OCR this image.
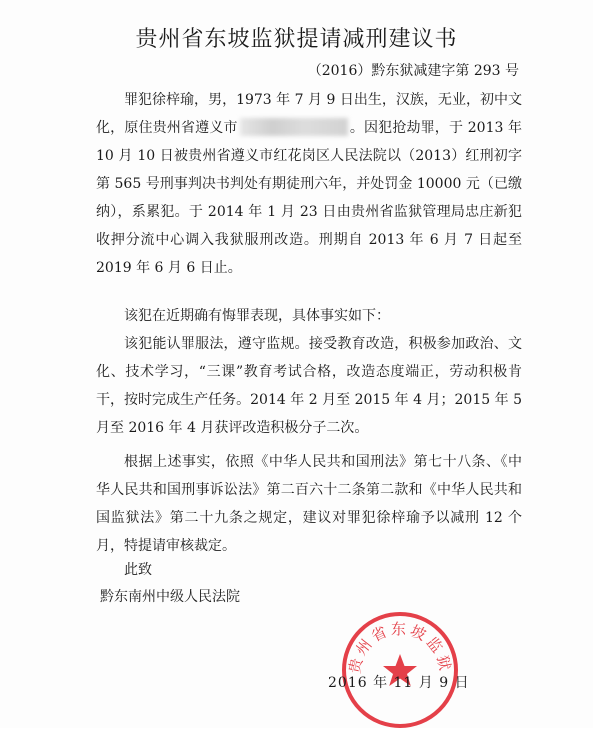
贵州省东坡监狱提请减刑建议书
（2016）黔东狱减建字第 293 号

罪犯徐梓瑜，男，1973 年 7 月 9 日出生，汉族，无业，初中文化，原住贵州省遵义市	。因犯抢劫罪，于 2013 年 10 月 10 日被贵州省遵义市红花岗区人民法院以（2013）红刑初字第 565 号刑事判决书判处有期徒刑六年，并处罚金 10000 元（已缴纳），系累犯。于 2014 年 1 月 23 日由贵州省监狱管理局忠庄新犯收押分流中心调入我狱服刑改造。刑期自 2013 年 6 月 7 日起至 2019 年 6 月 6 日止。

该犯在近期确有悔罪表现，具体事实如下：

该犯能认罪服法，遵守监规。接受教育改造，积极参加政治、文化、技术学习，“三课”教育考试合格，改造态度端正，劳动积极肯干，按时完成生产任务。2014 年 2 月至 2015 年 4 月；2015 年 5 月至 2016 年 4 月获评改造积极分子二次。

根据上述事实，依照《中华人民共和国刑法》第七十八条、《中华人民共和国刑事诉讼法》第二百六十二条第二款和《中华人民共和国监狱法》第二十九条之规定，建议对罪犯徐梓瑜予以减刑 12 个月，特提请审核裁定。

此致

黔东南州中级人民法院
贵州省东坡监狱
2016 年 11 月 9 日
